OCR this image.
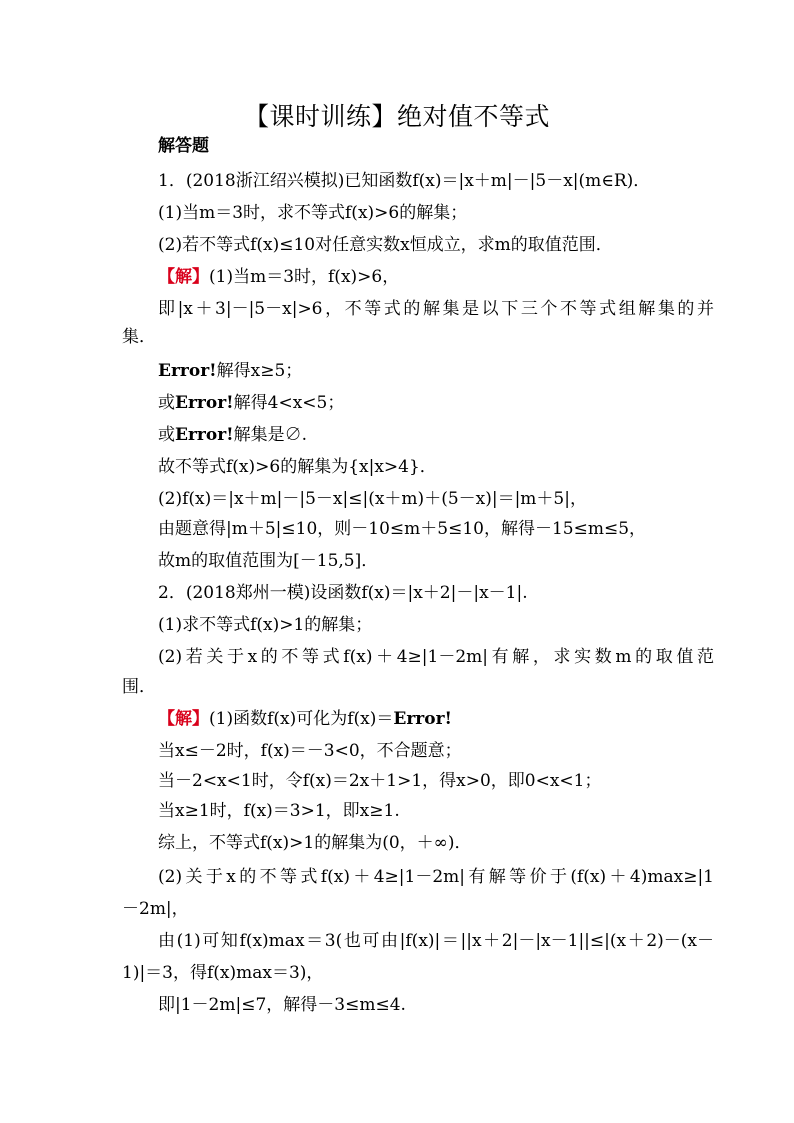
【课时训练】绝对值不等式
解答题
1．(2018浙江绍兴模拟)已知函数f(x)＝|x＋m|－|5－x|(m∈R)．
(1)当m＝3时，求不等式f(x)>6的解集；
(2)若不等式f(x)≤10对任意实数x恒成立，求m的取值范围．
【解】(1)当m＝3时，f(x)>6，
即|x＋3|－|5－x|>6，不等式的解集是以下三个不等式组解集的并
集．
Error!解得x≥5；
或Error!解得4<x<5；
或Error!解集是∅.
故不等式f(x)>6的解集为{x|x>4}．
(2)f(x)＝|x＋m|－|5－x|≤|(x＋m)＋(5－x)|＝|m＋5|，
由题意得|m＋5|≤10，则－10≤m＋5≤10，解得－15≤m≤5，
故m的取值范围为[－15,5]．
2．(2018郑州一模)设函数f(x)＝|x＋2|－|x－1|.
(1)求不等式f(x)>1的解集；
(2)若关于x的不等式f(x)＋4≥|1－2m|有解，求实数m的取值范
围．
【解】(1)函数f(x)可化为f(x)＝Error!
当x≤－2时，f(x)＝－3<0，不合题意；
当－2<x<1时，令f(x)＝2x＋1>1，得x>0，即0<x<1；
当x≥1时，f(x)＝3>1，即x≥1.
综上，不等式f(x)>1的解集为(0，＋∞)．
(2)关于x的不等式f(x)＋4≥|1－2m|有解等价于(f(x)＋4)max≥|1
－2m|，
由(1)可知f(x)max＝3(也可由|f(x)|＝||x＋2|－|x－1||≤|(x＋2)－(x－
1)|＝3，得f(x)max＝3)，
即|1－2m|≤7，解得－3≤m≤4.
